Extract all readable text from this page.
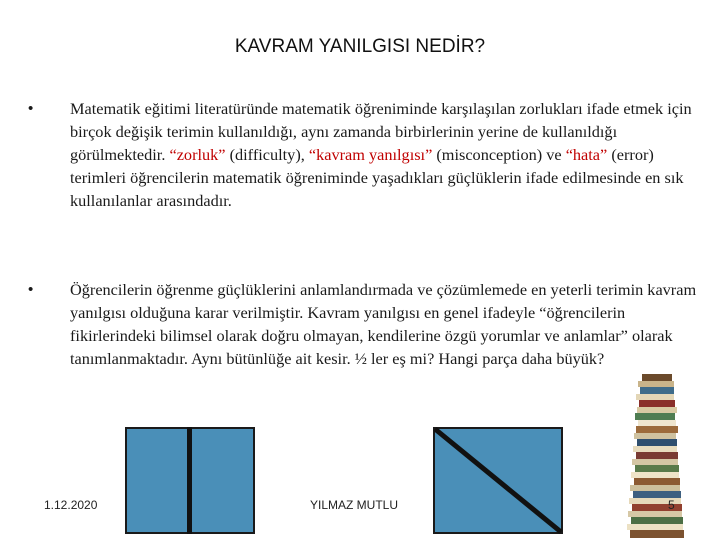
KAVRAM YANILGISI NEDİR?
• Matematik eğitimi literatüründe matematik öğreniminde karşılaşılan zorlukları ifade etmek için birçok değişik terimin kullanıldığı, aynı zamanda birbirlerinin yerine de kullanıldığı görülmektedir. “zorluk” (difficulty), “kavram yanılgısı” (misconception) ve “hata” (error) terimleri öğrencilerin matematik öğreniminde yaşadıkları güçlüklerin ifade edilmesinde en sık kullanılanlar arasındadır.
• Öğrencilerin öğrenme güçlüklerini anlamlandırmada ve çözümlemede en yeterli terimin kavram yanılgısı olduğuna karar verilmiştir. Kavram yanılgısı en genel ifadeyle “öğrencilerin fikirlerindeki bilimsel olarak doğru olmayan, kendilerine özgü yorumlar ve anlamlar” olarak tanımlanmaktadır. Aynı bütünlüğe ait kesir. ½ ler eş mi? Hangi parça daha büyük?
1.12.2020	YILMAZ MUTLU	5
